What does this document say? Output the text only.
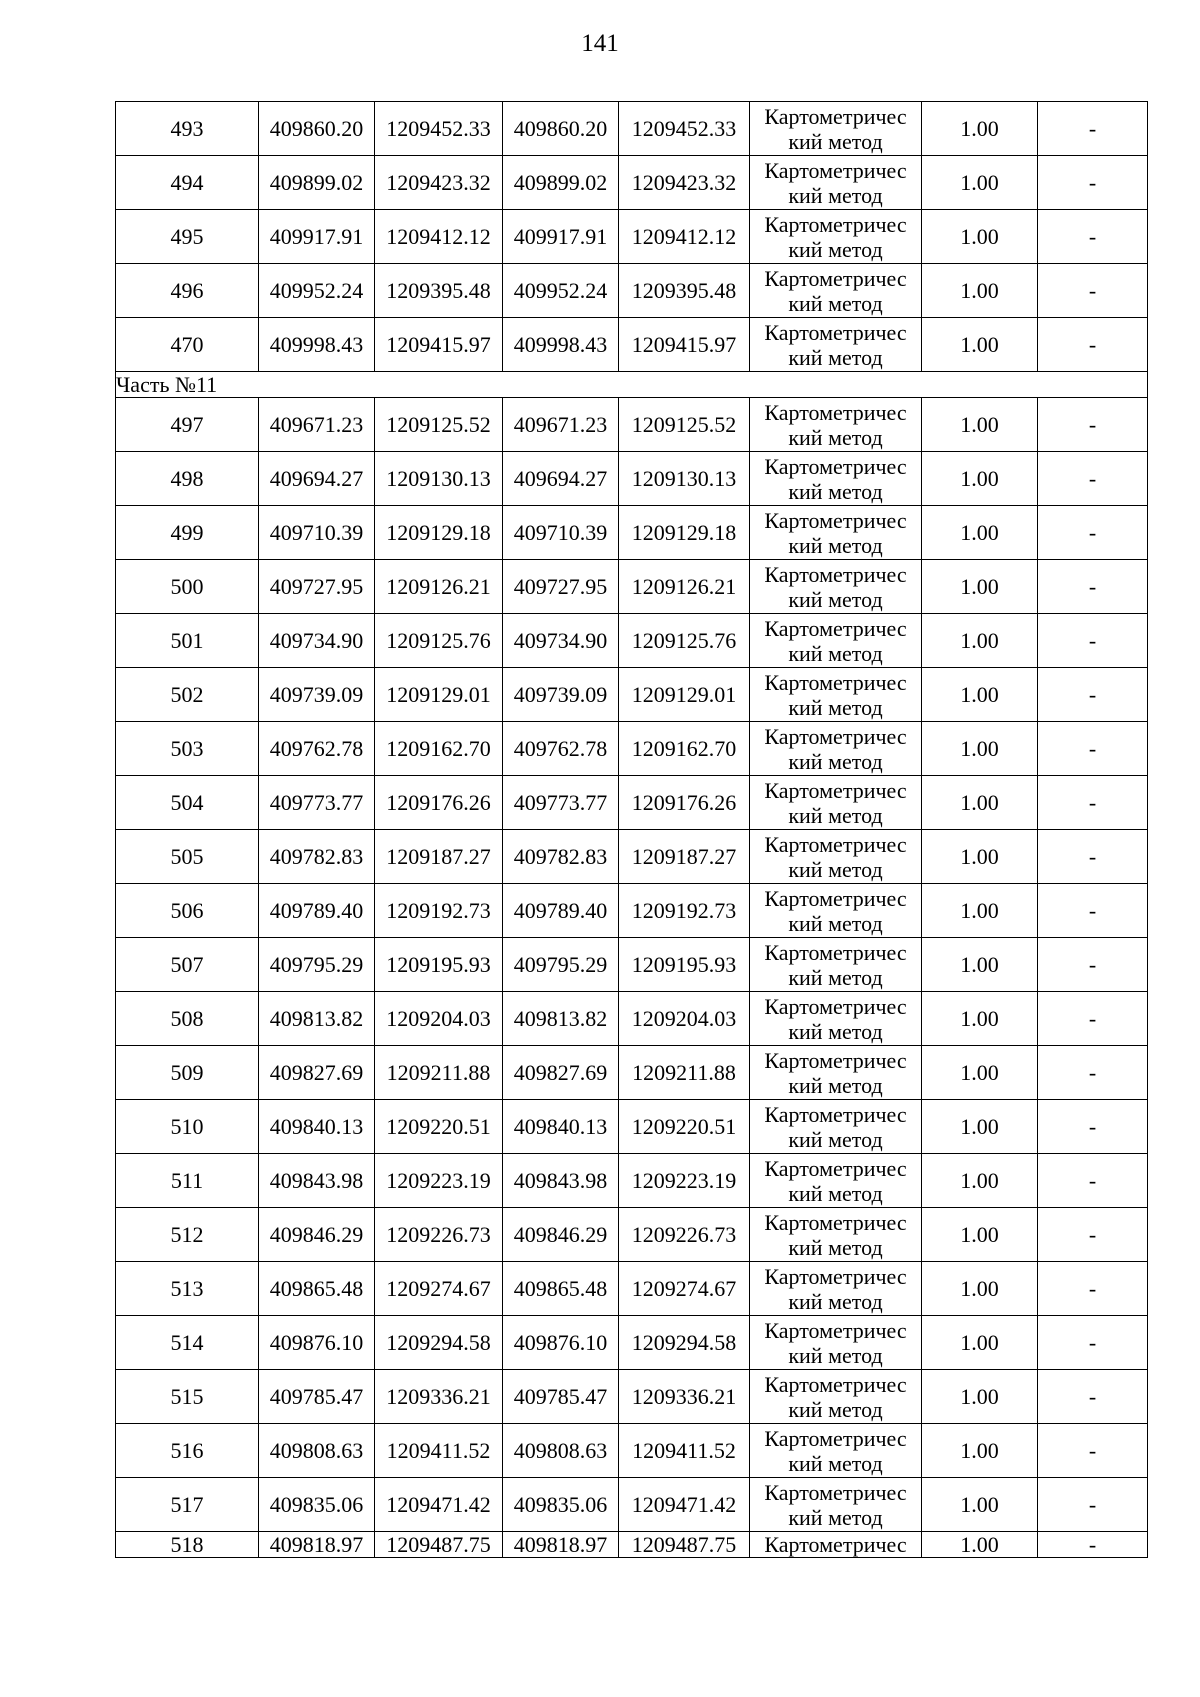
141
493	409860.20	1209452.33	409860.20	1209452.33	Картометричес
кий метод	1.00	-
494	409899.02	1209423.32	409899.02	1209423.32	Картометричес
кий метод	1.00	-
495	409917.91	1209412.12	409917.91	1209412.12	Картометричес
кий метод	1.00	-
496	409952.24	1209395.48	409952.24	1209395.48	Картометричес
кий метод	1.00	-
470	409998.43	1209415.97	409998.43	1209415.97	Картометричес
кий метод	1.00	-
Часть №11							
497	409671.23	1209125.52	409671.23	1209125.52	Картометричес
кий метод	1.00	-
498	409694.27	1209130.13	409694.27	1209130.13	Картометричес
кий метод	1.00	-
499	409710.39	1209129.18	409710.39	1209129.18	Картометричес
кий метод	1.00	-
500	409727.95	1209126.21	409727.95	1209126.21	Картометричес
кий метод	1.00	-
501	409734.90	1209125.76	409734.90	1209125.76	Картометричес
кий метод	1.00	-
502	409739.09	1209129.01	409739.09	1209129.01	Картометричес
кий метод	1.00	-
503	409762.78	1209162.70	409762.78	1209162.70	Картометричес
кий метод	1.00	-
504	409773.77	1209176.26	409773.77	1209176.26	Картометричес
кий метод	1.00	-
505	409782.83	1209187.27	409782.83	1209187.27	Картометричес
кий метод	1.00	-
506	409789.40	1209192.73	409789.40	1209192.73	Картометричес
кий метод	1.00	-
507	409795.29	1209195.93	409795.29	1209195.93	Картометричес
кий метод	1.00	-
508	409813.82	1209204.03	409813.82	1209204.03	Картометричес
кий метод	1.00	-
509	409827.69	1209211.88	409827.69	1209211.88	Картометричес
кий метод	1.00	-
510	409840.13	1209220.51	409840.13	1209220.51	Картометричес
кий метод	1.00	-
511	409843.98	1209223.19	409843.98	1209223.19	Картометричес
кий метод	1.00	-
512	409846.29	1209226.73	409846.29	1209226.73	Картометричес
кий метод	1.00	-
513	409865.48	1209274.67	409865.48	1209274.67	Картометричес
кий метод	1.00	-
514	409876.10	1209294.58	409876.10	1209294.58	Картометричес
кий метод	1.00	-
515	409785.47	1209336.21	409785.47	1209336.21	Картометричес
кий метод	1.00	-
516	409808.63	1209411.52	409808.63	1209411.52	Картометричес
кий метод	1.00	-
517	409835.06	1209471.42	409835.06	1209471.42	Картометричес
кий метод	1.00	-
518	409818.97	1209487.75	409818.97	1209487.75	Картометричес	1.00	-
